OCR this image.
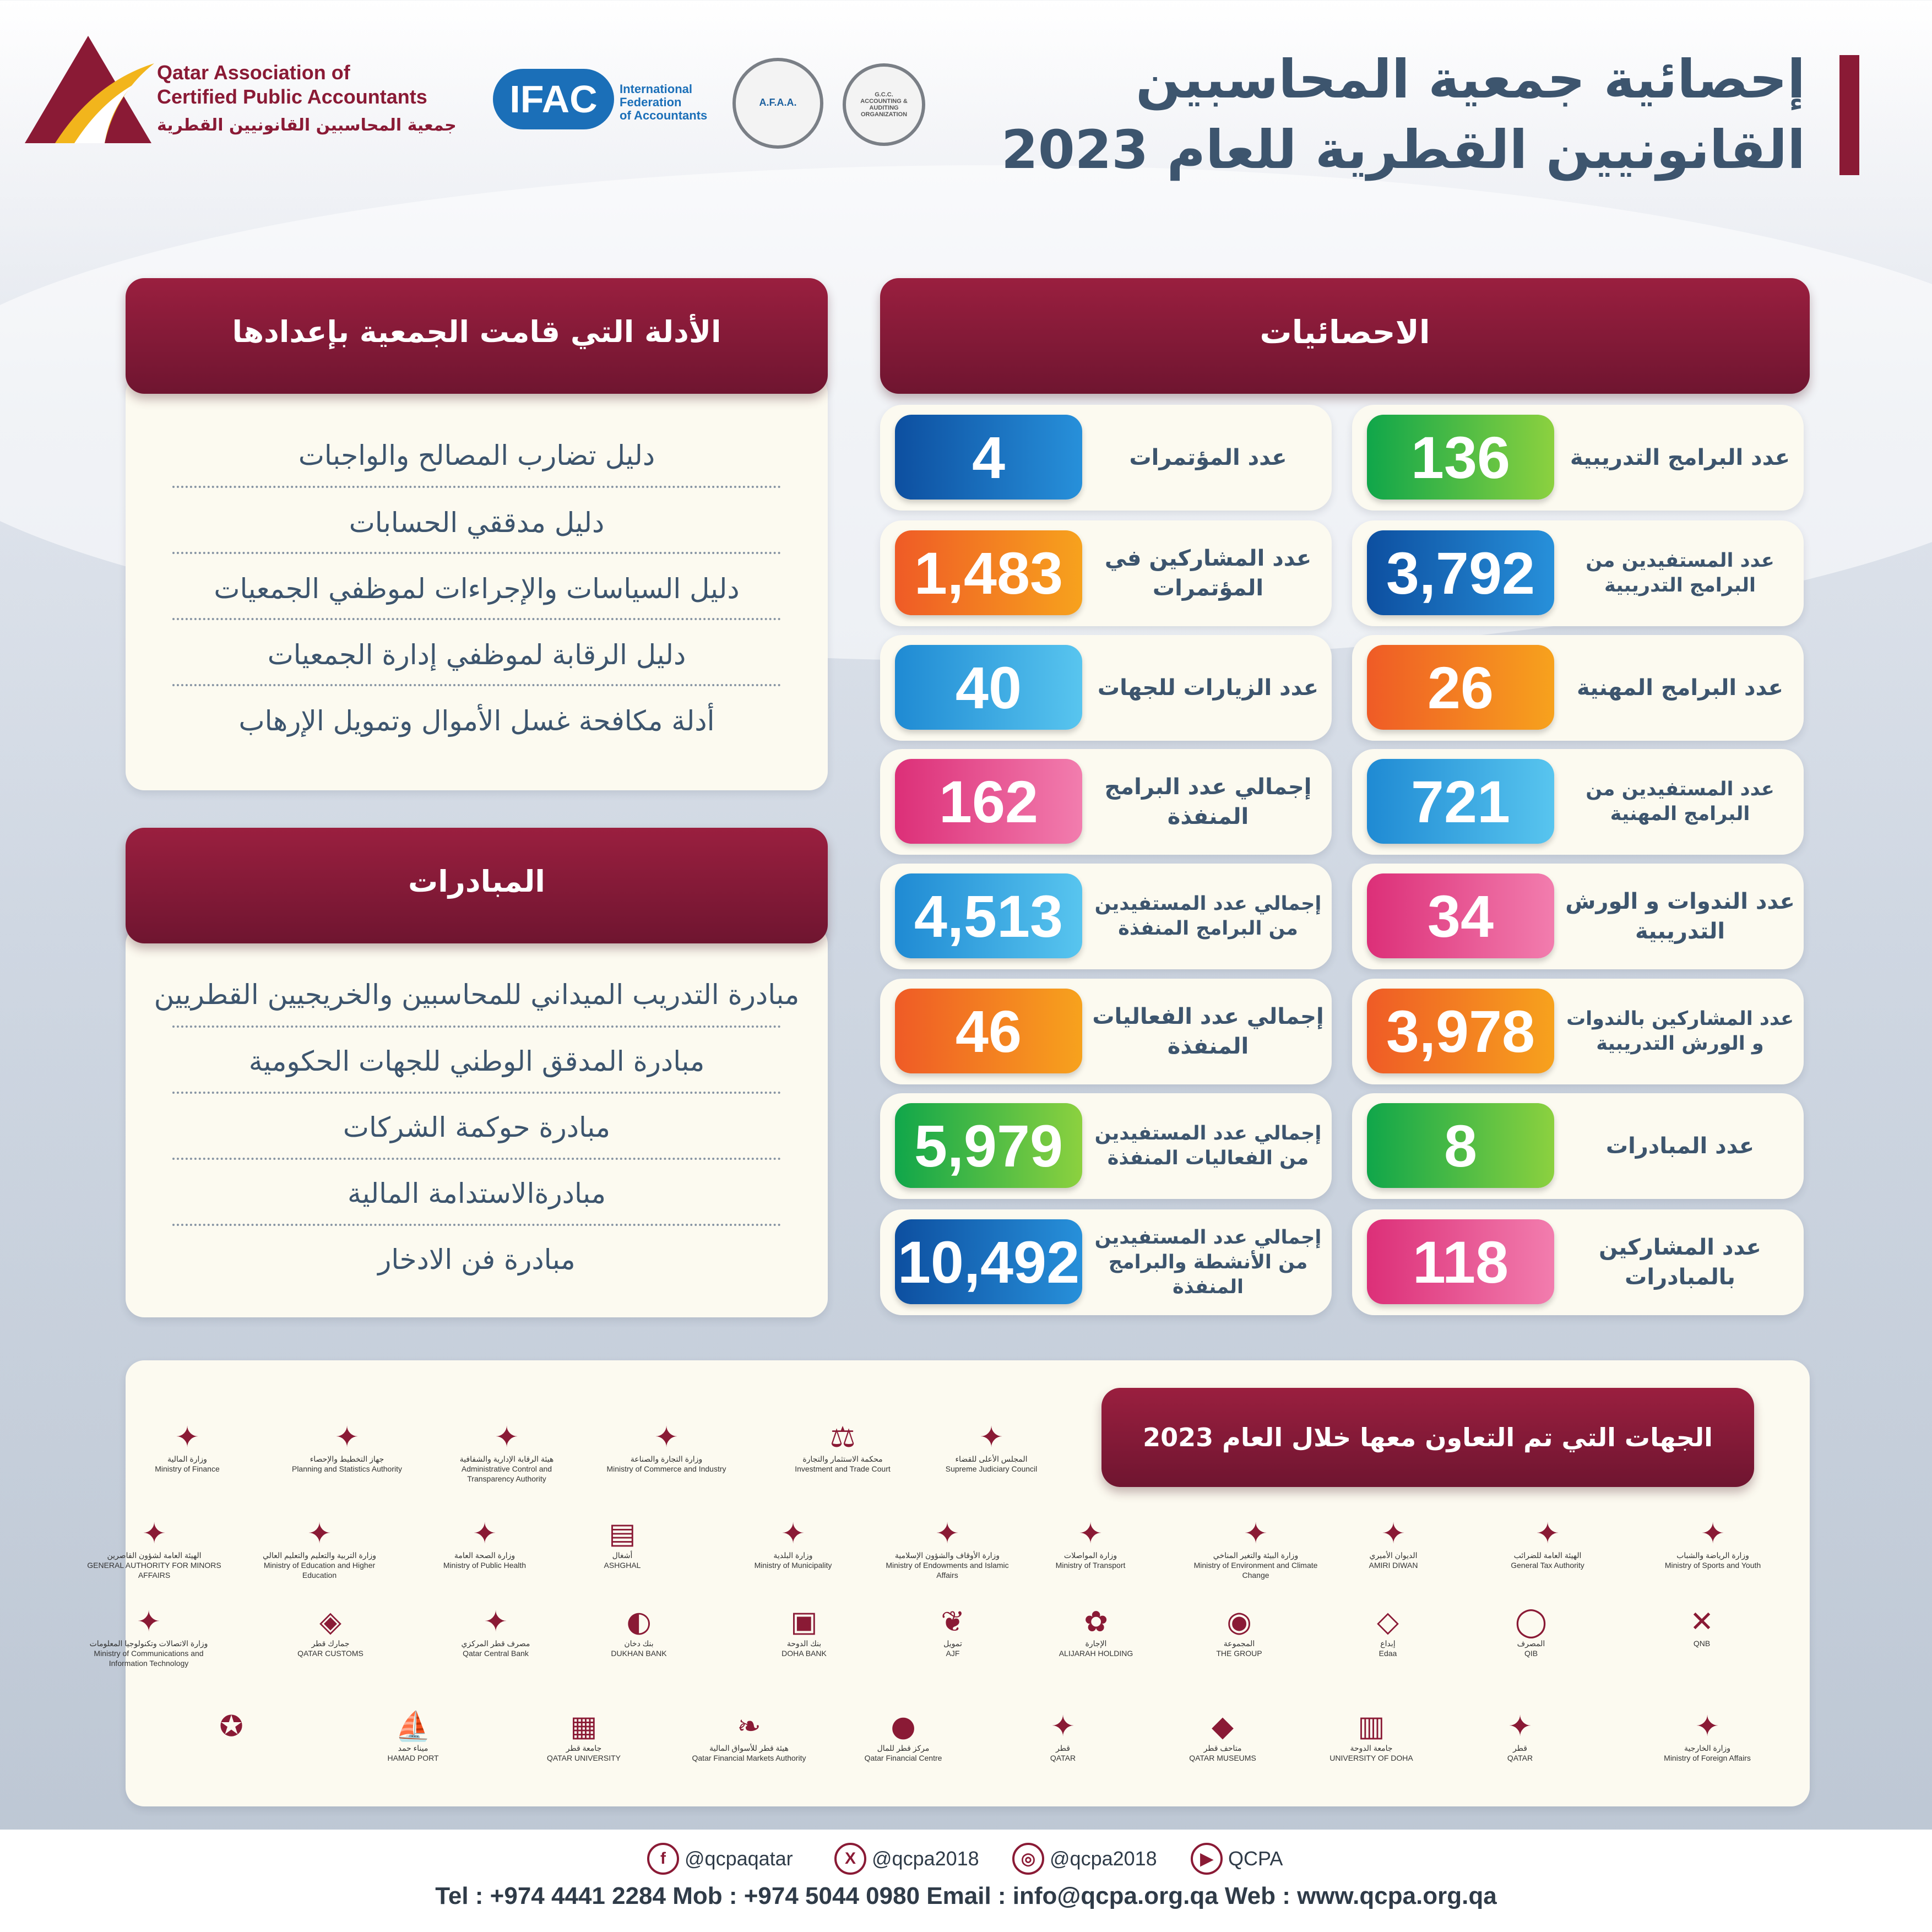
Qatar Association of
Certified Public Accountants
جمعية المحاسبين القانونيين القطرية
IFAC	International
Federation
of Accountants
A.F.A.A.
G.C.C. ACCOUNTING & AUDITING ORGANIZATION
إحصائية جمعية المحاسبين
القانونيين القطرية للعام 2023
الاحصائيات
136	عدد البرامج التدريبية
3,792	عدد المستفيدين من البرامج التدريبية
26	عدد البرامج المهنية
721	عدد المستفيدين من البرامج المهنية
34	عدد الندوات و الورش التدريبية
3,978	عدد المشاركين بالندوات و الورش التدريبية
8	عدد المبادرات
118	عدد المشاركين بالمبادرات
4	عدد المؤتمرات
1,483	عدد المشاركين في المؤتمرات
40	عدد الزيارات للجهات
162	إجمالي عدد البرامج المنفذة
4,513	إجمالي عدد المستفيدين من البرامج المنفذة
46	إجمالي عدد الفعاليات المنفذة
5,979	إجمالي عدد المستفيدين من الفعاليات المنفذة
10,492 إجمالي عدد المستفيدين من الأنشطة والبرامج المنفذة
دليل تضارب المصالح والواجبات
دليل مدققي الحسابات
دليل السياسات والإجراءات لموظفي الجمعيات
دليل الرقابة لموظفي إدارة الجمعيات
أدلة مكافحة غسل الأموال وتمويل الإرهاب
الأدلة التي قامت الجمعية بإعدادها
مبادرة التدريب الميداني للمحاسبين والخريجيين القطريين
مبادرة المدقق الوطني للجهات الحكومية
مبادرة حوكمة الشركات
مبادرةالاستدامة المالية
مبادرة فن الادخار
المبادرات
الجهات التي تم التعاون معها خلال العام 2023
✦
المجلس الأعلى للقضاء
Supreme Judiciary Council
⚖
محكمة الاستثمار والتجارة
Investment and Trade Court
✦
وزارة التجارة والصناعة
Ministry of Commerce and Industry
✦
هيئة الرقابة الإدارية والشفافية
Administrative Control and Transparency Authority
✦
جهاز التخطيط والإحصاء
Planning and Statistics Authority
✦
وزارة المالية
Ministry of Finance
✦
وزارة الرياضة والشباب
Ministry of Sports and Youth
✦
الهيئة العامة للضرائب
General Tax Authority
✦
الديوان الأميري
AMIRI DIWAN
✦
وزارة البيئة والتغير المناخي
Ministry of Environment and Climate Change
✦
وزارة المواصلات
Ministry of Transport
✦
وزارة الأوقاف والشؤون الإسلامية
Ministry of Endowments and Islamic Affairs
✦
وزارة البلدية
Ministry of Municipality
▤
أشغال
ASHGHAL
✦
وزارة الصحة العامة
Ministry of Public Health
✦
وزارة التربية والتعليم والتعليم العالي
Ministry of Education and Higher Education
✦
الهيئة العامة لشؤون القاصرين
GENERAL AUTHORITY FOR MINORS AFFAIRS
✕
QNB
◯
المصرف
QIB
◇
إبداع
Edaa
◉
المجموعة
THE GROUP
✿
الإجارة
ALIJARAH HOLDING
❦
تمويل
AJF
▣
بنك الدوحة
DOHA BANK
◐
بنك دخان
DUKHAN BANK
✦
مصرف قطر المركزي
Qatar Central Bank
◈
جمارك قطر
QATAR CUSTOMS
✦
وزارة الاتصالات وتكنولوجيا المعلومات
Ministry of Communications and Information Technology
✦
وزارة الخارجية
Ministry of Foreign Affairs
✦
قطر
QATAR
▥
جامعة الدوحة
UNIVERSITY OF DOHA
◆
متاحف قطر
QATAR MUSEUMS
✦
قطر
QATAR
●
مركز قطر للمال
Qatar Financial Centre
❧
هيئة قطر للأسواق المالية
Qatar Financial Markets Authority
▦
جامعة قطر
QATAR UNIVERSITY
⛵
ميناء حمد
HAMAD PORT
✪
f @qcpaqatar	X @qcpa2018	◎ @qcpa2018	▶ QCPA
Tel : +974 4441 2284 Mob : +974 5044 0980 Email : info@qcpa.org.qa Web : www.qcpa.org.qa
